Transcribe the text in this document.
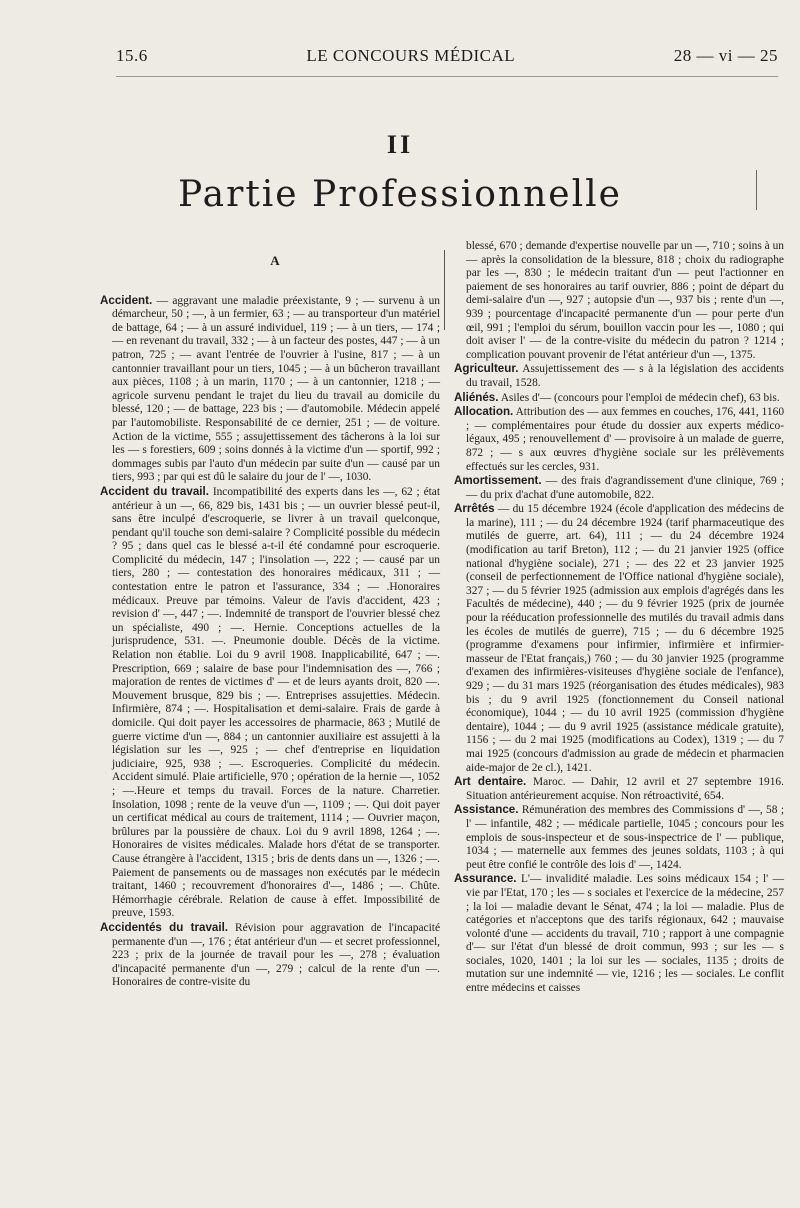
15.6	LE CONCOURS MÉDICAL	28 — vi — 25
II
Partie Professionnelle
A

Accident. — aggravant une maladie préexistante, 9 ; — survenu à un démarcheur, 50 ; —, à un fermier, 63 ; — au transporteur d'un matériel de battage, 64 ; — à un assuré individuel, 119 ; — à un tiers, — 174 ; — en revenant du travail, 332 ; — à un facteur des postes, 447 ; — à un patron, 725 ; — avant l'entrée de l'ouvrier à l'usine, 817 ; — à un cantonnier travaillant pour un tiers, 1045 ; — à un bûcheron travaillant aux pièces, 1108 ; à un marin, 1170 ; — à un cantonnier, 1218 ; — agricole survenu pendant le trajet du lieu du travail au domicile du blessé, 120 ; — de battage, 223 bis ; — d'automobile. Médecin appelé par l'automobiliste. Responsabilité de ce dernier, 251 ; — de voiture. Action de la victime, 555 ; assujettissement des tâcherons à la loi sur les — s forestiers, 609 ; soins donnés à la victime d'un — sportif, 992 ; dommages subis par l'auto d'un médecin par suite d'un — causé par un tiers, 993 ; par qui est dû le salaire du jour de l' —, 1030.

Accident du travail. Incompatibilité des experts dans les —, 62 ; état antérieur à un —, 66, 829 bis, 1431 bis ; — un ouvrier blessé peut-il, sans être inculpé d'escroquerie, se livrer à un travail quelconque, pendant qu'il touche son demi-salaire ? Complicité possible du médecin ? 95 ; dans quel cas le blessé a-t-il été condamné pour escroquerie. Complicité du médecin, 147 ; l'insolation —, 222 ; — causé par un tiers, 280 ; — contestation des honoraires médicaux, 311 ; — contestation entre le patron et l'assurance, 334 ; — .Honoraires médicaux. Preuve par témoins. Valeur de l'avis d'accident, 423 ; revision d' —, 447 ; —. Indemnité de transport de l'ouvrier blessé chez un spécialiste, 490 ; —. Hernie. Conceptions actuelles de la jurisprudence, 531. —. Pneumonie double. Décès de la victime. Relation non établie. Loi du 9 avril 1908. Inapplicabilité, 647 ; —. Prescription, 669 ; salaire de base pour l'indemnisation des —, 766 ; majoration de rentes de victimes d' — et de leurs ayants droit, 820 —. Mouvement brusque, 829 bis ; —. Entreprises assujetties. Médecin. Infirmière, 874 ; —. Hospitalisation et demi-salaire. Frais de garde à domicile. Qui doit payer les accessoires de pharmacie, 863 ; Mutilé de guerre victime d'un —, 884 ; un cantonnier auxiliaire est assujetti à la législation sur les —, 925 ; — chef d'entreprise en liquidation judiciaire, 925, 938 ; —. Escroqueries. Complicité du médecin. Accident simulé. Plaie artificielle, 970 ; opération de la hernie —, 1052 ; —.Heure et temps du travail. Forces de la nature. Charretier. Insolation, 1098 ; rente de la veuve d'un —, 1109 ; —. Qui doit payer un certificat médical au cours de traitement, 1114 ; — Ouvrier maçon, brûlures par la poussière de chaux. Loi du 9 avril 1898, 1264 ; —. Honoraires de visites médicales. Malade hors d'état de se transporter. Cause étrangère à l'accident, 1315 ; bris de dents dans un —, 1326 ; —. Paiement de pansements ou de massages non exécutés par le médecin traitant, 1460 ; recouvrement d'honoraires d'—, 1486 ; —. Chûte. Hémorrhagie cérébrale. Relation de cause à effet. Impossibilité de preuve, 1593.

Accidentés du travail. Révision pour aggravation de l'incapacité permanente d'un —, 176 ; état antérieur d'un — et secret professionnel, 223 ; prix de la journée de travail pour les —, 278 ; évaluation d'incapacité permanente d'un —, 279 ; calcul de la rente d'un —. Honoraires de contre-visite du

blessé, 670 ; demande d'expertise nouvelle par un —, 710 ; soins à un — après la consolidation de la blessure, 818 ; choix du radiographe par les —, 830 ; le médecin traitant d'un — peut l'actionner en paiement de ses honoraires au tarif ouvrier, 886 ; point de départ du demi-salaire d'un —, 927 ; autopsie d'un —, 937 bis ; rente d'un —, 939 ; pourcentage d'incapacité permanente d'un — pour perte d'un œil, 991 ; l'emploi du sérum, bouillon vaccin pour les —, 1080 ; qui doit aviser l' — de la contre-visite du médecin du patron ? 1214 ; complication pouvant provenir de l'état antérieur d'un —, 1375.

Agriculteur. Assujettissement des — s à la législation des accidents du travail, 1528.

Aliénés. Asiles d'— (concours pour l'emploi de médecin chef), 63 bis.

Allocation. Attribution des — aux femmes en couches, 176, 441, 1160 ; — complémentaires pour étude du dossier aux experts médico-légaux, 495 ; renouvellement d' — provisoire à un malade de guerre, 872 ; — s aux œuvres d'hygiène sociale sur les prélèvements effectués sur les cercles, 931.

Amortissement. — des frais d'agrandissement d'une clinique, 769 ; — du prix d'achat d'une automobile, 822.

Arrêtés — du 15 décembre 1924 (école d'application des médecins de la marine), 111 ; — du 24 décembre 1924 (tarif pharmaceutique des mutilés de guerre, art. 64), 111 ; — du 24 décembre 1924 (modification au tarif Breton), 112 ; — du 21 janvier 1925 (office national d'hygiène sociale), 271 ; — des 22 et 23 janvier 1925 (conseil de perfectionnement de l'Office national d'hygiène sociale), 327 ; — du 5 février 1925 (admission aux emplois d'agrégés dans les Facultés de médecine), 440 ; — du 9 février 1925 (prix de journée pour la rééducation professionnelle des mutilés du travail admis dans les écoles de mutilés de guerre), 715 ; — du 6 décembre 1925 (programme d'examens pour infirmier, infirmière et infirmier-masseur de l'Etat français,) 760 ; — du 30 janvier 1925 (programme d'examen des infirmières-visiteuses d'hygiène sociale de l'enfance), 929 ; — du 31 mars 1925 (réorganisation des études médicales), 983 bis ; du 9 avril 1925 (fonctionnement du Conseil national économique), 1044 ; — du 10 avril 1925 (commission d'hygiène dentaire), 1044 ; — du 9 avril 1925 (assistance médicale gratuite), 1156 ; — du 2 mai 1925 (modifications au Codex), 1319 ; — du 7 mai 1925 (concours d'admission au grade de médecin et pharmacien aide-major de 2e cl.), 1421.

Art dentaire. Maroc. — Dahir, 12 avril et 27 septembre 1916. Situation antérieurement acquise. Non rétroactivité, 654.

Assistance. Rémunération des membres des Commissions d' —, 58 ; l' — infantile, 482 ; — médicale partielle, 1045 ; concours pour les emplois de sous-inspecteur et de sous-inspectrice de l' — publique, 1034 ; — maternelle aux femmes des jeunes soldats, 1103 ; à qui peut être confié le contrôle des lois d' —, 1424.

Assurance. L'— invalidité maladie. Les soins médicaux 154 ; l' — vie par l'Etat, 170 ; les — s sociales et l'exercice de la médecine, 257 ; la loi — maladie devant le Sénat, 474 ; la loi — maladie. Plus de catégories et n'acceptons que des tarifs régionaux, 642 ; mauvaise volonté d'une — accidents du travail, 710 ; rapport à une compagnie d'— sur l'état d'un blessé de droit commun, 993 ; sur les — s sociales, 1020, 1401 ; la loi sur les — sociales, 1135 ; droits de mutation sur une indemnité — vie, 1216 ; les — sociales. Le conflit entre médecins et caisses
